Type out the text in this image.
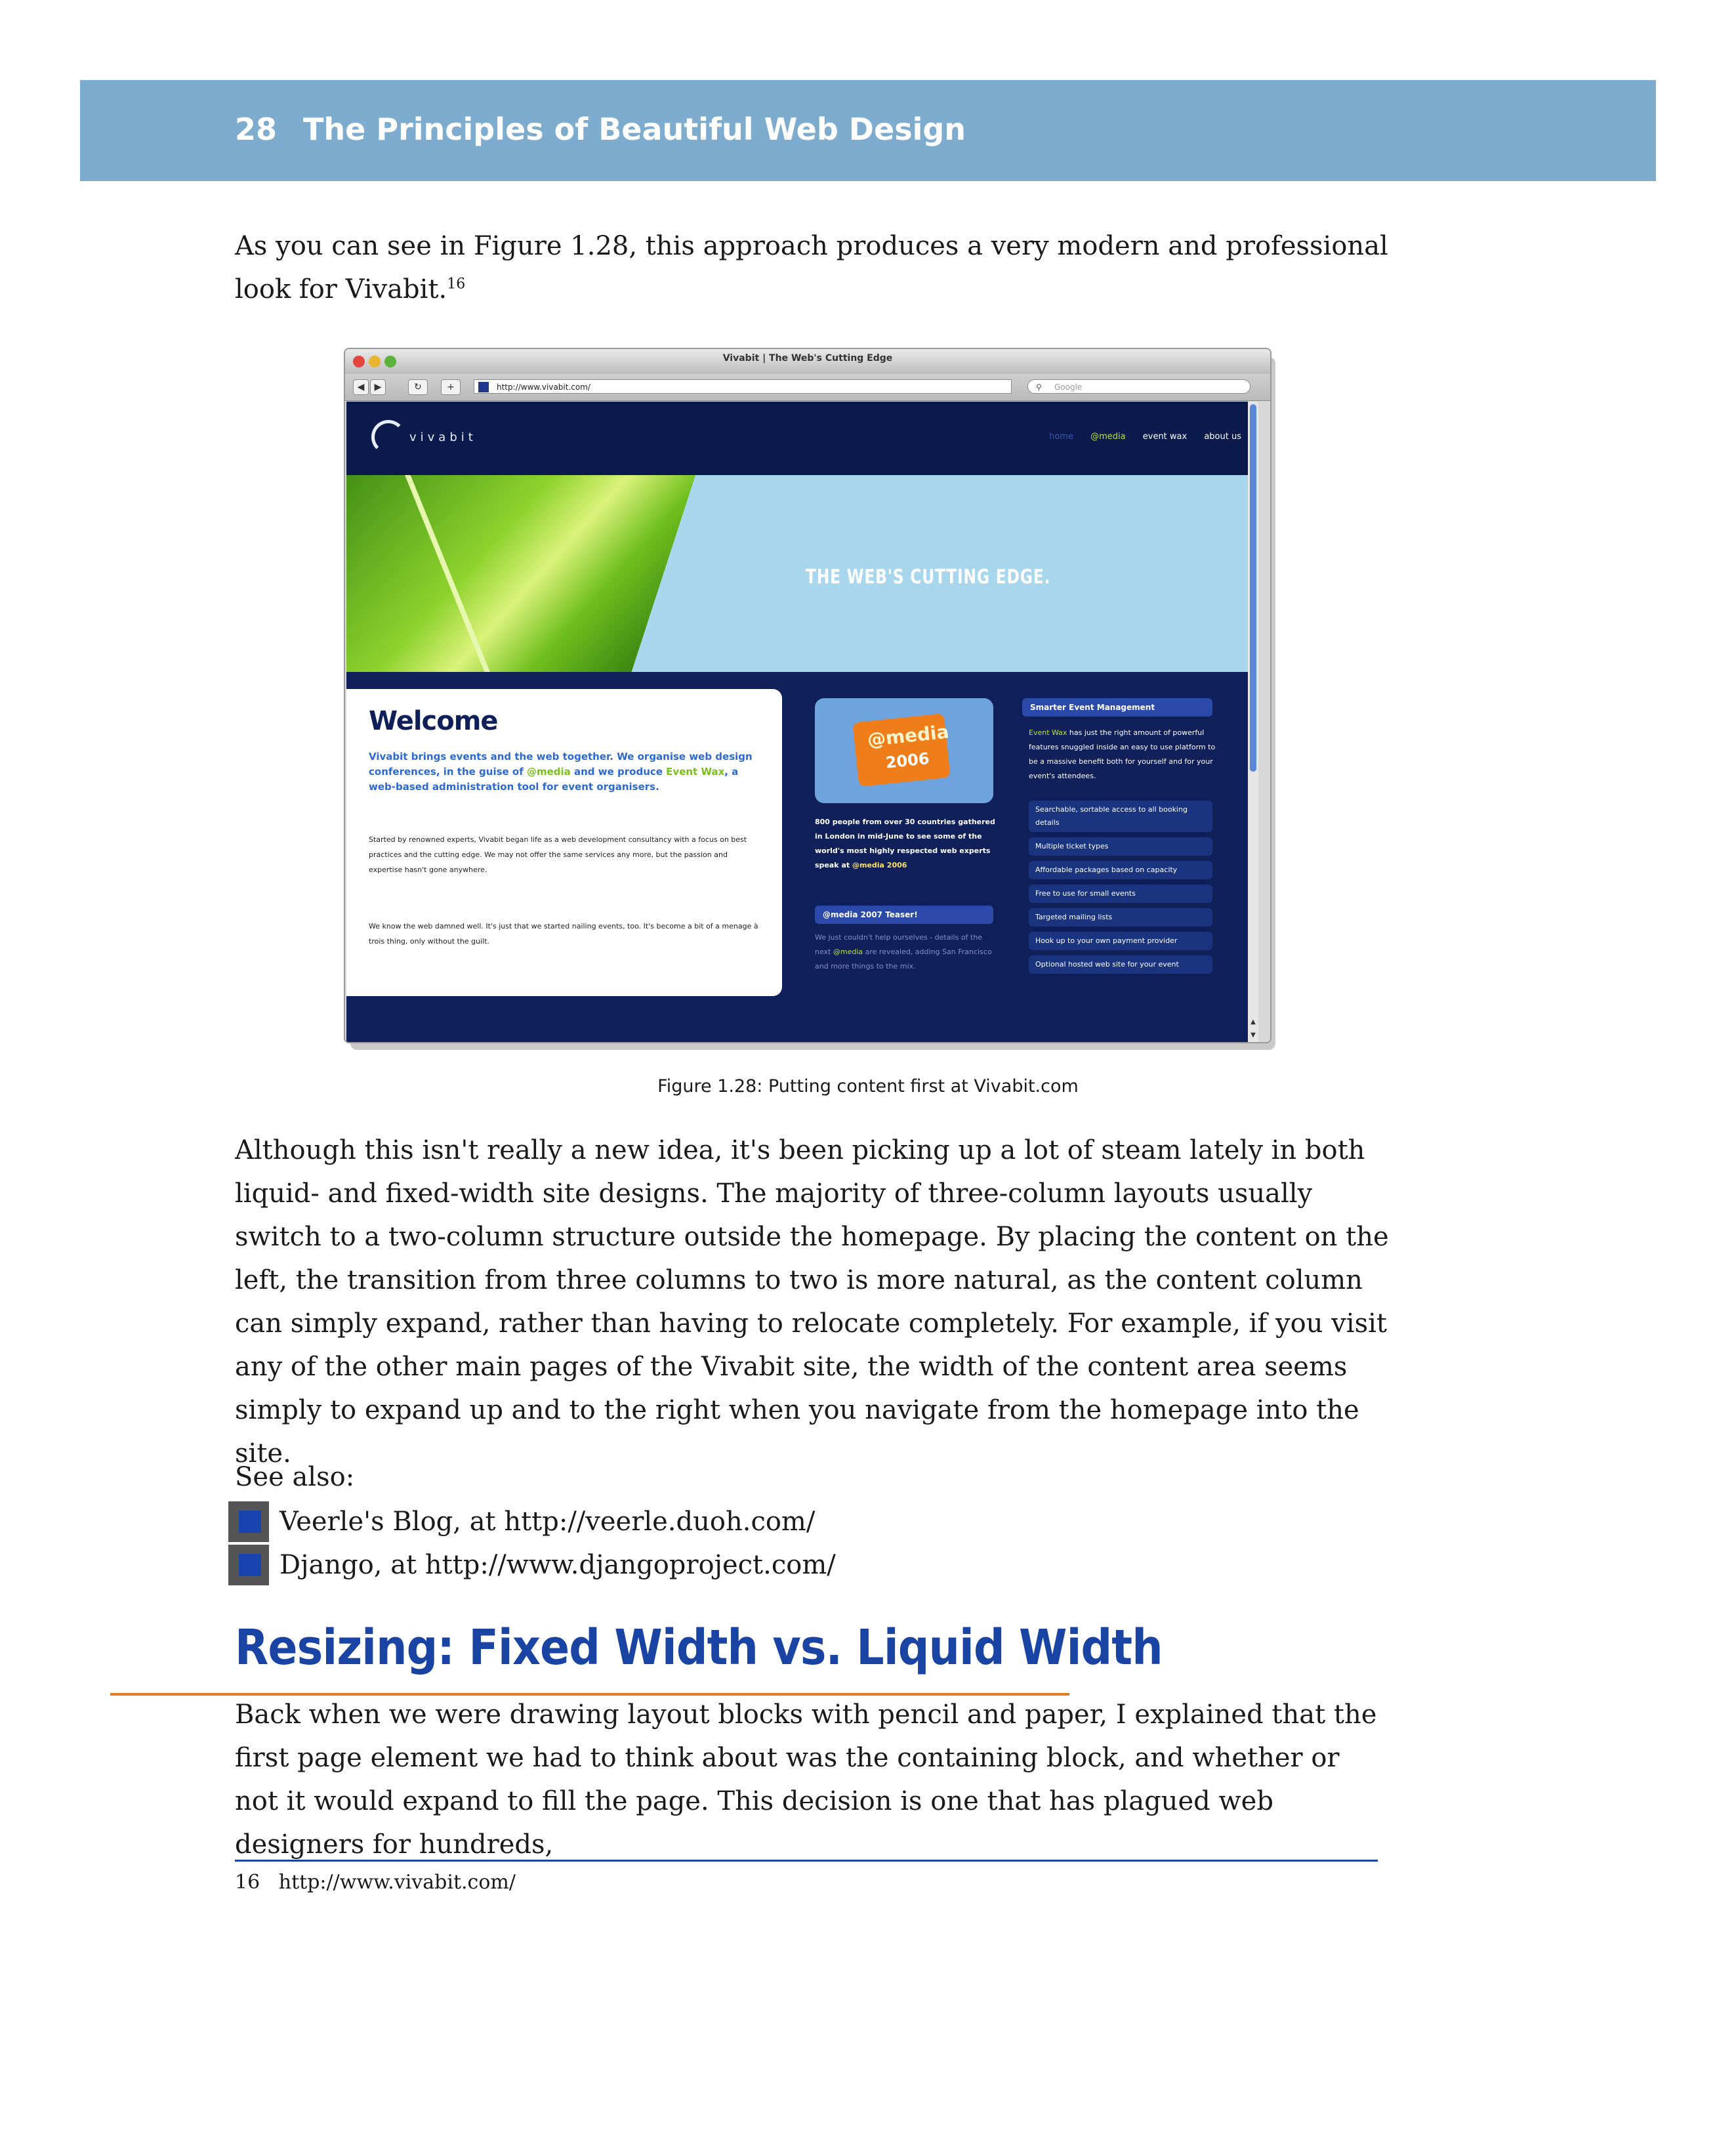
28 The Principles of Beautiful Web Design

As you can see in Figure 1.28, this approach produces a very modern and professional look for Vivabit.$^{16}$

Vivabit | The Web's Cutting Edge
◀	▶	↻	+	http://www.vivabit.com/	⚲ Google
vivabit	home @media event wax about us
THE WEB'S CUTTING EDGE.
Welcome

Vivabit brings events and the web together. We organise web design conferences, in the guise of @media and we produce Event Wax, a web-based administration tool for event organisers.

Started by renowned experts, Vivabit began life as a web development consultancy with a focus on best practices and the cutting edge. We may not offer the same services any more, but the passion and expertise hasn't gone anywhere.

We know the web damned well. It's just that we started nailing events, too. It's become a bit of a menage à trois thing, only without the guilt.

@media
2006

800 people from over 30 countries gathered in London in mid-June to see some of the world's most highly respected web experts speak at @media 2006

@media 2007 Teaser!

We just couldn't help ourselves - details of the next @media are revealed, adding San Francisco and more things to the mix.

Smarter Event Management

Event Wax has just the right amount of powerful features snuggled inside an easy to use platform to be a massive benefit both for yourself and for your event's attendees.

Searchable, sortable access to all booking details
Multiple ticket types
Affordable packages based on capacity
Free to use for small events
Targeted mailing lists
Hook up to your own payment provider
Optional hosted web site for your event
▲
▼
Figure 1.28: Putting content first at Vivabit.com

Although this isn't really a new idea, it's been picking up a lot of steam lately in both liquid- and fixed-width site designs. The majority of three-column layouts usually switch to a two-column structure outside the homepage. By placing the content on the left, the transition from three columns to two is more natural, as the content column can simply expand, rather than having to relocate completely. For example, if you visit any of the other main pages of the Vivabit site, the width of the content area seems simply to expand up and to the right when you navigate from the homepage into the site.

See also:

Veerle's Blog, at http://veerle.duoh.com/
Django, at http://www.djangoproject.com/
Resizing: Fixed Width vs. Liquid Width

Back when we were drawing layout blocks with pencil and paper, I explained that the first page element we had to think about was the containing block, and whether or not it would expand to fill the page. This decision is one that has plagued web designers for hundreds,

16 http://www.vivabit.com/
